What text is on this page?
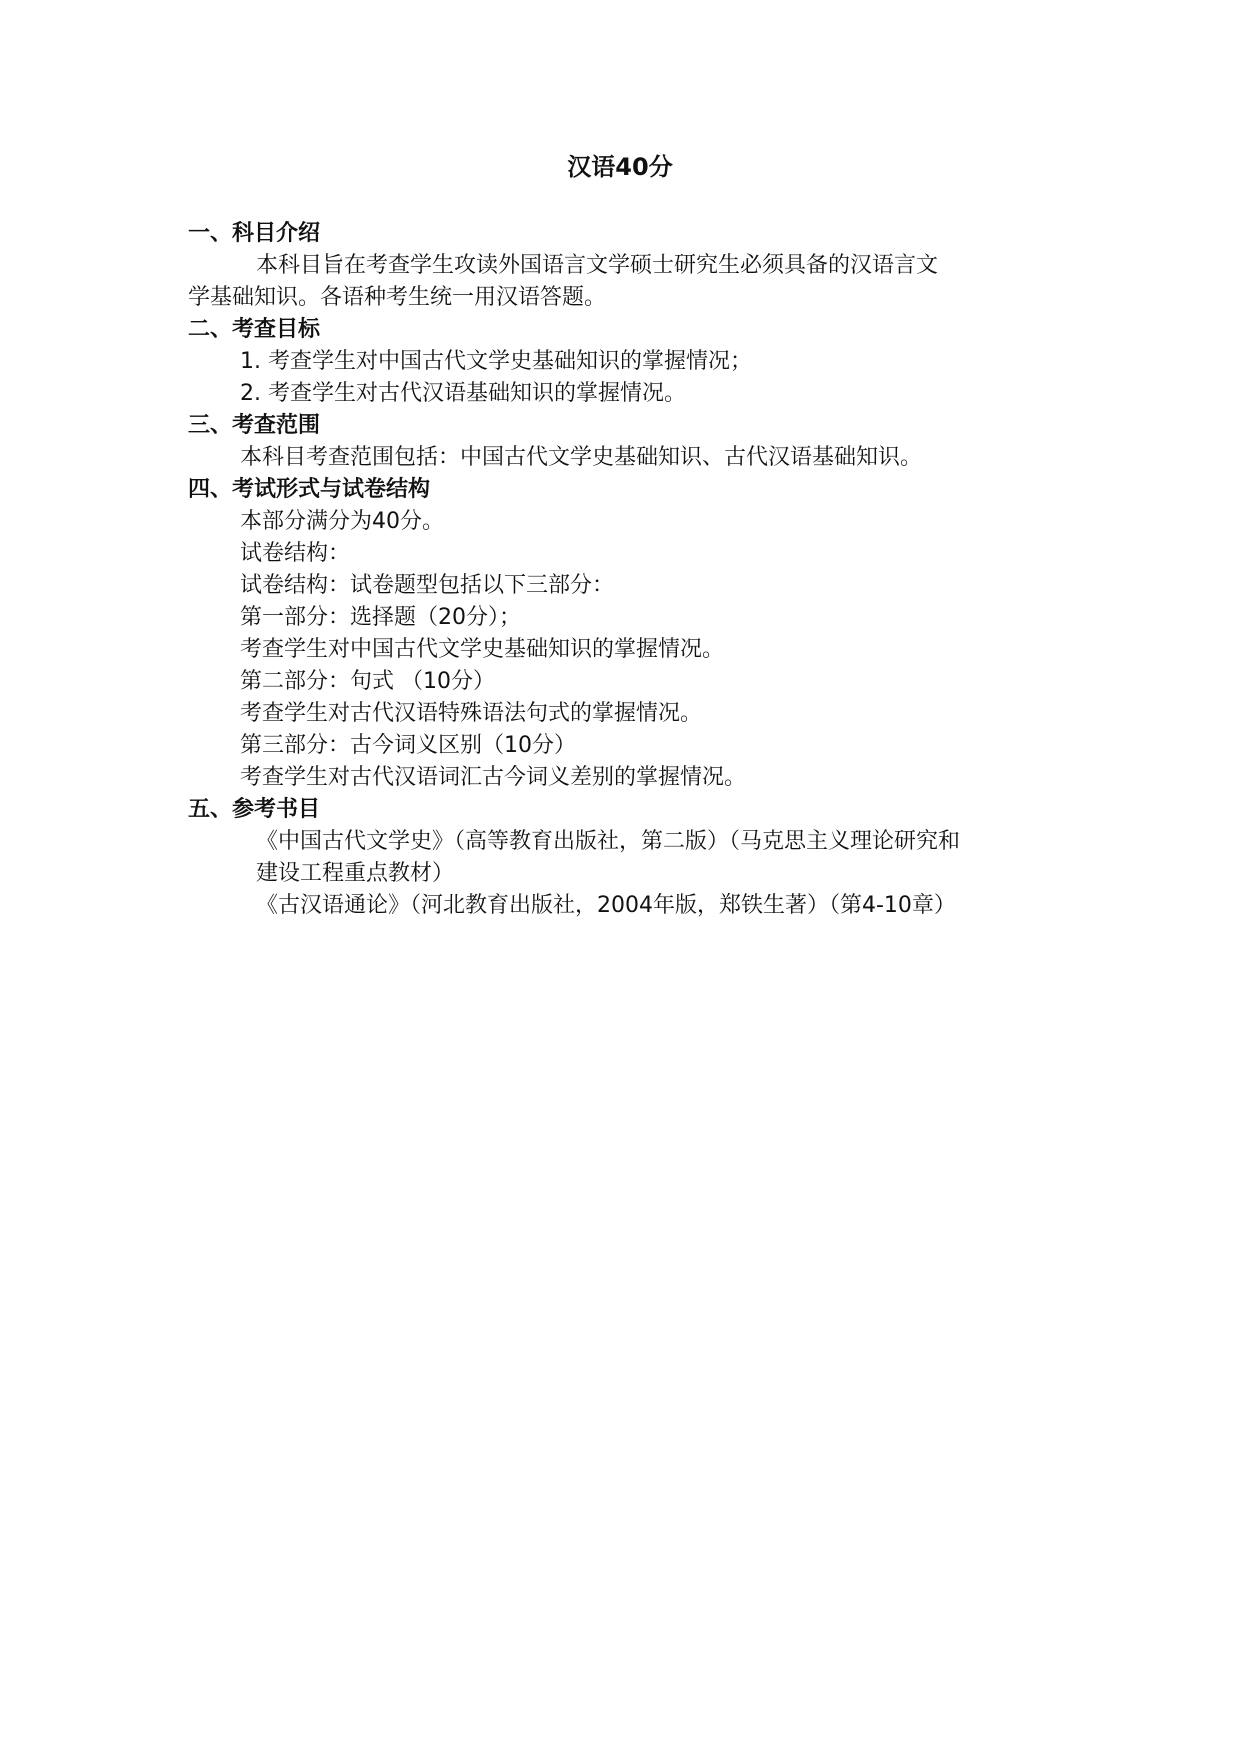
汉语40分
一、科目介绍
本科目旨在考查学生攻读外国语言文学硕士研究生必须具备的汉语言文
学基础知识。各语种考生统一用汉语答题。
二、考查目标
1. 考查学生对中国古代文学史基础知识的掌握情况；
2. 考查学生对古代汉语基础知识的掌握情况。
三、考查范围
本科目考查范围包括：中国古代文学史基础知识、古代汉语基础知识。
四、考试形式与试卷结构
本部分满分为40分。
试卷结构：
试卷结构：试卷题型包括以下三部分：
第一部分：选择题（20分）；
考查学生对中国古代文学史基础知识的掌握情况。
第二部分：句式 （10分）
考查学生对古代汉语特殊语法句式的掌握情况。
第三部分：古今词义区别（10分）
考查学生对古代汉语词汇古今词义差别的掌握情况。
五、参考书目
《中国古代文学史》（高等教育出版社，第二版）（马克思主义理论研究和
建设工程重点教材）
《古汉语通论》（河北教育出版社，2004年版，郑铁生著）（第4-10章）
